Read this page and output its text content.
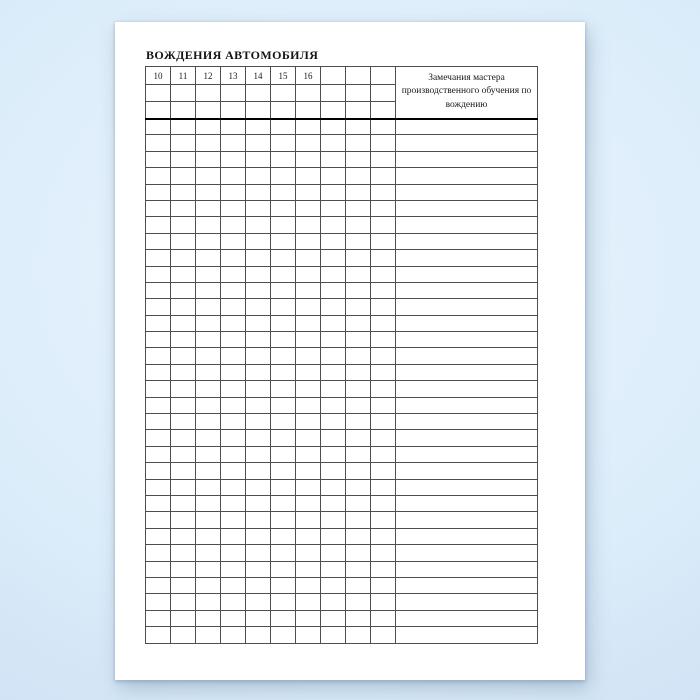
ВОЖДЕНИЯ АВТОМОБИЛЯ
10	11	12	13	14	15	16				Замечания мастера
производственного обучения по
вождению
